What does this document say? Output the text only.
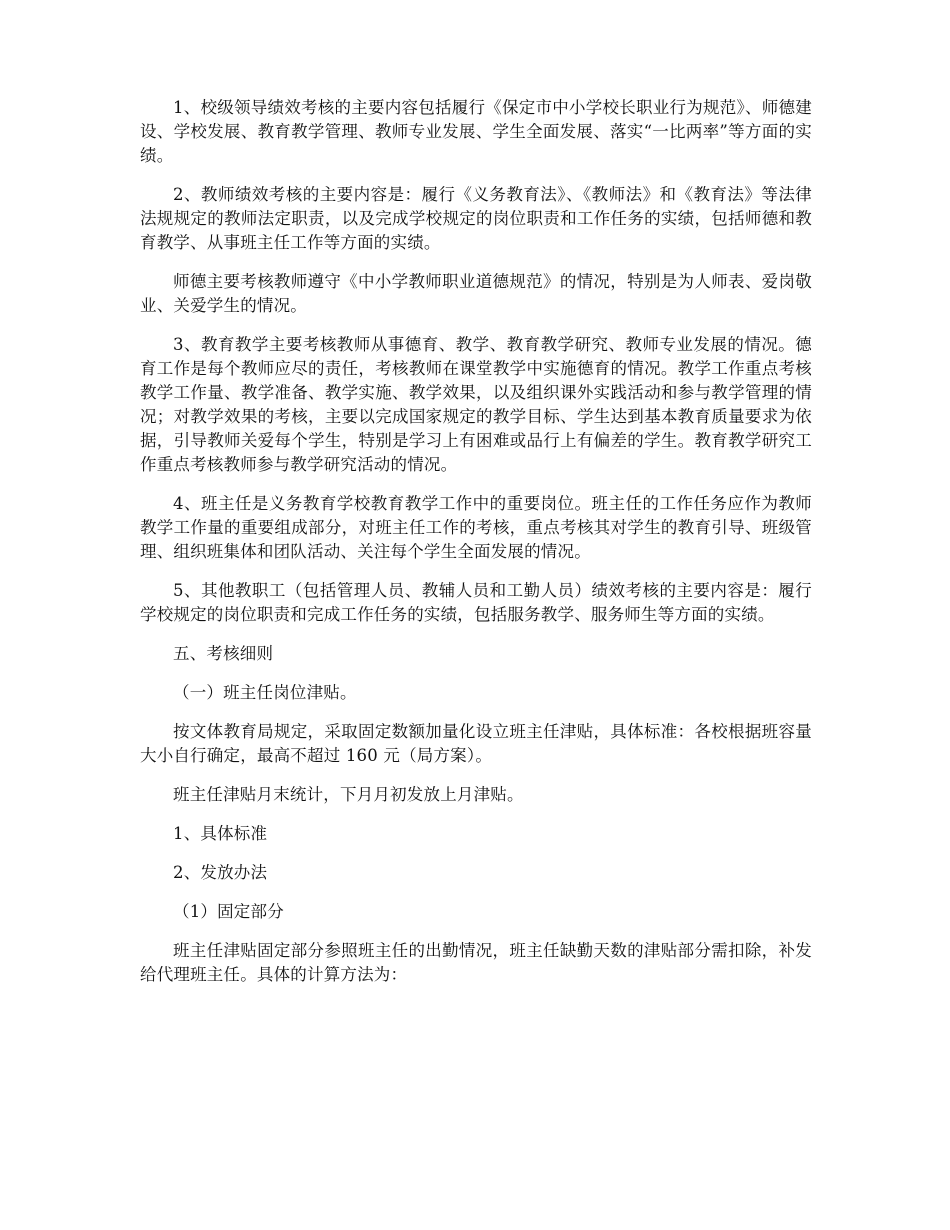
1、校级领导绩效考核的主要内容包括履行《保定市中小学校长职业行为规范》、师德建设、学校发展、教育教学管理、教师专业发展、学生全面发展、落实“一比两率”等方面的实绩。

2、教师绩效考核的主要内容是：履行《义务教育法》、《教师法》和《教育法》等法律法规规定的教师法定职责，以及完成学校规定的岗位职责和工作任务的实绩，包括师德和教育教学、从事班主任工作等方面的实绩。

师德主要考核教师遵守《中小学教师职业道德规范》的情况，特别是为人师表、爱岗敬业、关爱学生的情况。

3、教育教学主要考核教师从事德育、教学、教育教学研究、教师专业发展的情况。德育工作是每个教师应尽的责任，考核教师在课堂教学中实施德育的情况。教学工作重点考核教学工作量、教学准备、教学实施、教学效果，以及组织课外实践活动和参与教学管理的情况；对教学效果的考核，主要以完成国家规定的教学目标、学生达到基本教育质量要求为依据，引导教师关爱每个学生，特别是学习上有困难或品行上有偏差的学生。教育教学研究工作重点考核教师参与教学研究活动的情况。

4、班主任是义务教育学校教育教学工作中的重要岗位。班主任的工作任务应作为教师教学工作量的重要组成部分，对班主任工作的考核，重点考核其对学生的教育引导、班级管理、组织班集体和团队活动、关注每个学生全面发展的情况。

5、其他教职工（包括管理人员、教辅人员和工勤人员）绩效考核的主要内容是：履行学校规定的岗位职责和完成工作任务的实绩，包括服务教学、服务师生等方面的实绩。

五、考核细则

（一）班主任岗位津贴。

按文体教育局规定，采取固定数额加量化设立班主任津贴，具体标准：各校根据班容量大小自行确定，最高不超过 160 元（局方案）。

班主任津贴月末统计，下月月初发放上月津贴。

1、具体标准

2、发放办法

（1）固定部分

班主任津贴固定部分参照班主任的出勤情况，班主任缺勤天数的津贴部分需扣除，补发给代理班主任。具体的计算方法为：
